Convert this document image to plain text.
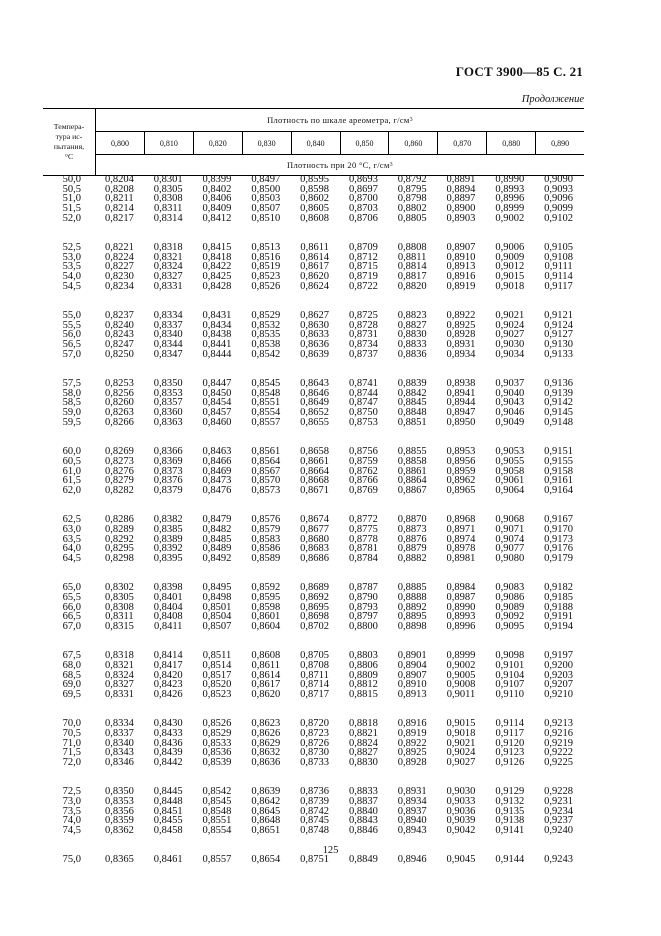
ГОСТ 3900—85 С. 21
Продолжение
Темпера-
тура ис-
пытания,
°С
Плотность по шкале ареометра, г/см 3
0,800	0,810	0,820	0,830	0,840	0,850	0,860	0,870	0,880	0,890
Плотность при 20 °С, г/см 3
50,0	0,8204	0,8301	0,8399	0,8497	0,8595	0,8693	0,8792	0,8891	0,8990	0,9090
50,5	0,8208	0,8305	0,8402	0,8500	0,8598	0,8697	0,8795	0,8894	0,8993	0,9093
51,0	0,8211	0,8308	0,8406	0,8503	0,8602	0,8700	0,8798	0,8897	0,8996	0,9096
51,5	0,8214	0,8311	0,8409	0,8507	0,8605	0,8703	0,8802	0,8900	0,8999	0,9099
52,0	0,8217	0,8314	0,8412	0,8510	0,8608	0,8706	0,8805	0,8903	0,9002	0,9102
52,5	0,8221	0,8318	0,8415	0,8513	0,8611	0,8709	0,8808	0,8907	0,9006	0,9105
53,0	0,8224	0,8321	0,8418	0,8516	0,8614	0,8712	0,8811	0,8910	0,9009	0,9108
53,5	0,8227	0,8324	0,8422	0,8519	0,8617	0,8715	0,8814	0,8913	0,9012	0,9111
54,0	0,8230	0,8327	0,8425	0,8523	0,8620	0,8719	0,8817	0,8916	0,9015	0,9114
54,5	0,8234	0,8331	0,8428	0,8526	0,8624	0,8722	0,8820	0,8919	0,9018	0,9117
55,0	0,8237	0,8334	0,8431	0,8529	0,8627	0,8725	0,8823	0,8922	0,9021	0,9121
55,5	0,8240	0,8337	0,8434	0,8532	0,8630	0,8728	0,8827	0,8925	0,9024	0,9124
56,0	0,8243	0,8340	0,8438	0,8535	0,8633	0,8731	0,8830	0,8928	0,9027	0,9127
56,5	0,8247	0,8344	0,8441	0,8538	0,8636	0,8734	0,8833	0,8931	0,9030	0,9130
57,0	0,8250	0,8347	0,8444	0,8542	0,8639	0,8737	0,8836	0,8934	0,9034	0,9133
57,5	0,8253	0,8350	0,8447	0,8545	0,8643	0,8741	0,8839	0,8938	0,9037	0,9136
58,0	0,8256	0,8353	0,8450	0,8548	0,8646	0,8744	0,8842	0,8941	0,9040	0,9139
58,5	0,8260	0,8357	0,8454	0,8551	0,8649	0,8747	0,8845	0,8944	0,9043	0,9142
59,0	0,8263	0,8360	0,8457	0,8554	0,8652	0,8750	0,8848	0,8947	0,9046	0,9145
59,5	0,8266	0,8363	0,8460	0,8557	0,8655	0,8753	0,8851	0,8950	0,9049	0,9148
60,0	0,8269	0,8366	0,8463	0,8561	0,8658	0,8756	0,8855	0,8953	0,9053	0,9151
60,5	0,8273	0,8369	0,8466	0,8564	0,8661	0,8759	0,8858	0,8956	0,9055	0,9155
61,0	0,8276	0,8373	0,8469	0,8567	0,8664	0,8762	0,8861	0,8959	0,9058	0,9158
61,5	0,8279	0,8376	0,8473	0,8570	0,8668	0,8766	0,8864	0,8962	0,9061	0,9161
62,0	0,8282	0,8379	0,8476	0,8573	0,8671	0,8769	0,8867	0,8965	0,9064	0,9164
62,5	0,8286	0,8382	0,8479	0,8576	0,8674	0,8772	0,8870	0,8968	0,9068	0,9167
63,0	0,8289	0,8385	0,8482	0,8579	0,8677	0,8775	0,8873	0,8971	0,9071	0,9170
63,5	0,8292	0,8389	0,8485	0,8583	0,8680	0,8778	0,8876	0,8974	0,9074	0,9173
64,0	0,8295	0,8392	0,8489	0,8586	0,8683	0,8781	0,8879	0,8978	0,9077	0,9176
64,5	0,8298	0,8395	0,8492	0,8589	0,8686	0,8784	0,8882	0,8981	0,9080	0,9179
65,0	0,8302	0,8398	0,8495	0,8592	0,8689	0,8787	0,8885	0,8984	0,9083	0,9182
65,5	0,8305	0,8401	0,8498	0,8595	0,8692	0,8790	0,8888	0,8987	0,9086	0,9185
66,0	0,8308	0,8404	0,8501	0,8598	0,8695	0,8793	0,8892	0,8990	0,9089	0,9188
66,5	0,8311	0,8408	0,8504	0,8601	0,8698	0,8797	0,8895	0,8993	0,9092	0,9191
67,0	0,8315	0,8411	0,8507	0,8604	0,8702	0,8800	0,8898	0,8996	0,9095	0,9194
67,5	0,8318	0,8414	0,8511	0,8608	0,8705	0,8803	0,8901	0,8999	0,9098	0,9197
68,0	0,8321	0,8417	0,8514	0,8611	0,8708	0,8806	0,8904	0,9002	0,9101	0,9200
68,5	0,8324	0,8420	0,8517	0,8614	0,8711	0,8809	0,8907	0,9005	0,9104	0,9203
69,0	0,8327	0,8423	0,8520	0,8617	0,8714	0,8812	0,8910	0,9008	0,9107	0,9207
69,5	0,8331	0,8426	0,8523	0,8620	0,8717	0,8815	0,8913	0,9011	0,9110	0,9210
70,0	0,8334	0,8430	0,8526	0,8623	0,8720	0,8818	0,8916	0,9015	0,9114	0,9213
70,5	0,8337	0,8433	0,8529	0,8626	0,8723	0,8821	0,8919	0,9018	0,9117	0,9216
71,0	0,8340	0,8436	0,8533	0,8629	0,8726	0,8824	0,8922	0,9021	0,9120	0,9219
71,5	0,8343	0,8439	0,8536	0,8632	0,8730	0,8827	0,8925	0,9024	0,9123	0,9222
72,0	0,8346	0,8442	0,8539	0,8636	0,8733	0,8830	0,8928	0,9027	0,9126	0,9225
72,5	0,8350	0,8445	0,8542	0,8639	0,8736	0,8833	0,8931	0,9030	0,9129	0,9228
73,0	0,8353	0,8448	0,8545	0,8642	0,8739	0,8837	0,8934	0,9033	0,9132	0,9231
73,5	0,8356	0,8451	0,8548	0,8645	0,8742	0,8840	0,8937	0,9036	0,9135	0,9234
74,0	0,8359	0,8455	0,8551	0,8648	0,8745	0,8843	0,8940	0,9039	0,9138	0,9237
74,5	0,8362	0,8458	0,8554	0,8651	0,8748	0,8846	0,8943	0,9042	0,9141	0,9240
75,0	0,8365	0,8461	0,8557	0,8654	0,8751	0,8849	0,8946	0,9045	0,9144	0,9243
125
